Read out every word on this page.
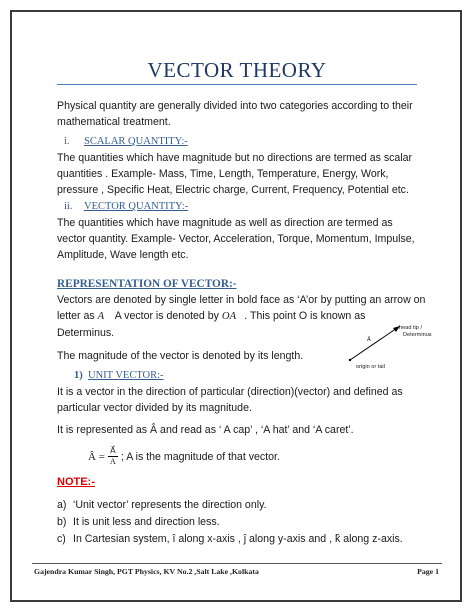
VECTOR THEORY
Physical quantity are generally divided into two categories according to their mathematical treatment.
i. SCALAR QUANTITY:-
The quantities which have magnitude but no directions are termed as scalar quantities . Example- Mass, Time, Length, Temperature, Energy, Work, pressure , Specific Heat, Electric charge, Current, Frequency, Potential etc.
ii. VECTOR QUANTITY:-
The quantities which have magnitude as well as direction are termed as vector quantity. Example- Vector, Acceleration, Torque, Momentum, Impulse, Amplitude, Wave length etc.
REPRESENTATION OF VECTOR:-
Vectors are denoted by single letter in bold face as ‘A’or by putting an arrow on
letter as A⃗ A vector is denoted by OA⃗. This point O is known as
Determinus.
A⃗
head tip /
Determinus
origin or tail
The magnitude of the vector is denoted by its length.
1) UNIT VECTOR:-
It is a vector in the direction of particular (direction)(vector) and defined as particular vector divided by its magnitude.
It is represented as Â and read as ‘ A cap’ , ‘A hat’ and ‘A caret’.
Â = $\frac{A⃗}{A}$ ; A is the magnitude of that vector.
NOTE:-
a) ‘Unit vector’ represents the direction only.
b) It is unit less and direction less.
c) In Cartesian system, î along x-axis , ĵ along y-axis and , k̂ along z-axis.
Gajendra Kumar Singh, PGT Physics, KV No.2 ,Salt Lake ,Kolkata	Page 1
